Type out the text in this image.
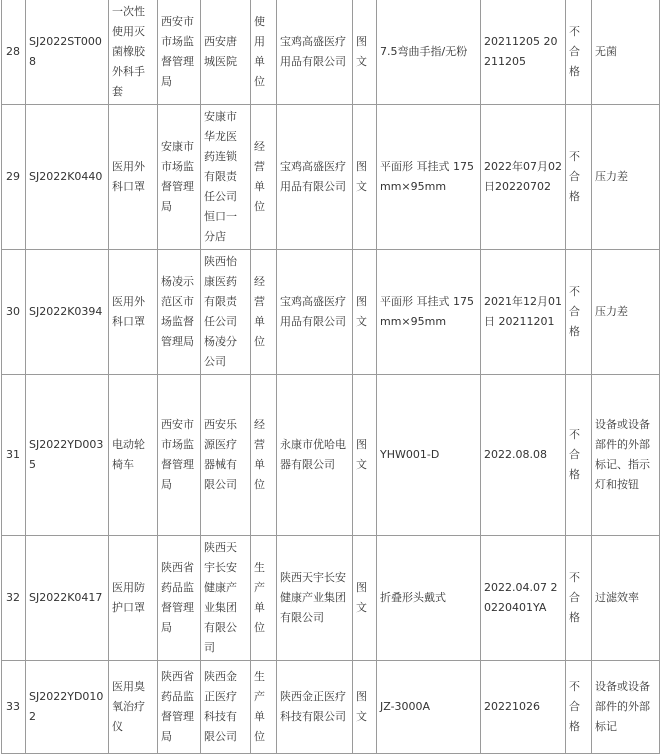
28	SJ2022ST0008	一次性使用灭菌橡胶外科手套	西安市市场监督管理局	西安唐城医院	使用单位	宝鸡高盛医疗用品有限公司	图文	7.5弯曲手指/无粉	20211205 20211205	不合格	无菌
29	SJ2022K0440	医用外科口罩	安康市市场监督管理局	安康市华龙医药连锁有限责任公司恒口一分店	经营单位	宝鸡高盛医疗用品有限公司	图文	平面形 耳挂式 175mm×95mm	2022年07月02日20220702	不合格	压力差
30	SJ2022K0394	医用外科口罩	杨凌示范区市场监督管理局	陕西怡康医药有限责任公司杨凌分公司	经营单位	宝鸡高盛医疗用品有限公司	图文	平面形 耳挂式 175mm×95mm	2021年12月01日 20211201	不合格	压力差
31	SJ2022YD0035	电动轮椅车	西安市市场监督管理局	西安乐源医疗器械有限公司	经营单位	永康市优哈电器有限公司	图文	YHW001-D	2022.08.08	不合格	设备或设备部件的外部标记、指示灯和按钮
32	SJ2022K0417	医用防护口罩	陕西省药品监督管理局	陕西天宇长安健康产业集团有限公司	生产单位	陕西天宇长安健康产业集团有限公司	图文	折叠形头戴式	2022.04.07 20220401YA	不合格	过滤效率
33	SJ2022YD0102	医用臭氧治疗仪	陕西省药品监督管理局	陕西金正医疗科技有限公司	生产单位	陕西金正医疗科技有限公司	图文	JZ-3000A	20221026	不合格	设备或设备部件的外部标记
